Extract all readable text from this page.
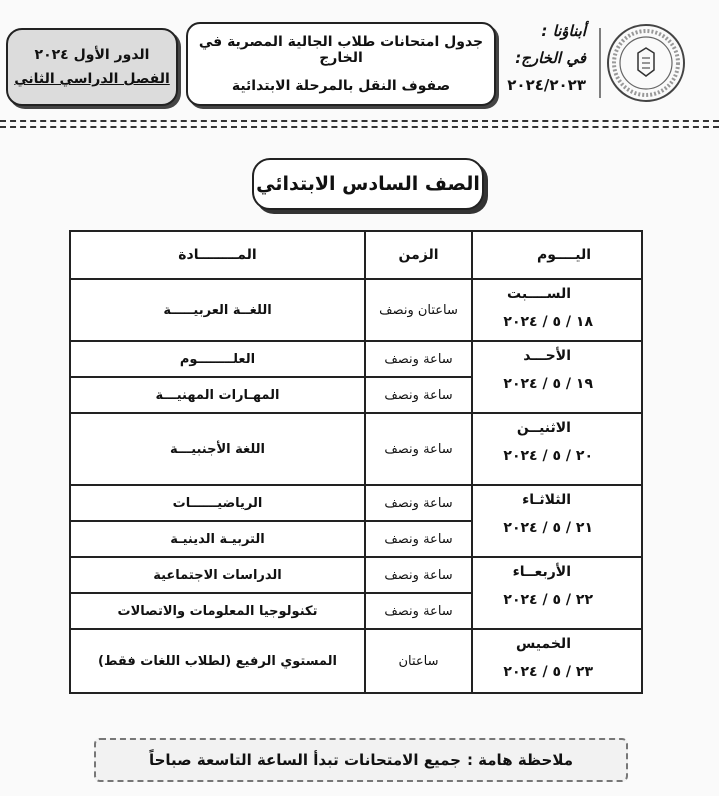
الدور الأول ٢٠٢٤
الفصل الدراسي الثاني
جدول امتحانات طلاب الجالية المصرية في الخارج
صفوف النقل بالمرحلة الابتدائية
أبناؤنا :
في الخارج:
٢٠٢٤/٢٠٢٣
الصف السادس الابتدائي
اليــــوم	الزمن	المــــــــادة

الســــبت
١٨ / ٥ / ٢٠٢٤	ساعتان ونصف	اللغــة العربيـــــة

الأحـــد
١٩ / ٥ / ٢٠٢٤	ساعة ونصف	العلــــــــوم
	ساعة ونصف	المهـارات المهنيـــة

الاثنيــن
٢٠ / ٥ / ٢٠٢٤	ساعة ونصف	اللغة الأجنبيـــة

الثلاثـاء
٢١ / ٥ / ٢٠٢٤	ساعة ونصف	الرياضيــــــات
	ساعة ونصف	التربيـة الدينيـة

الأربعــاء
٢٢ / ٥ / ٢٠٢٤	ساعة ونصف	الدراسات الاجتماعية
	ساعة ونصف	تكنولوجيا المعلومات والاتصالات

الخميس
٢٣ / ٥ / ٢٠٢٤	ساعتان	المستوي الرفيع (لطلاب اللغات فقط)
ملاحظة هامة :
جميع الامتحانات تبدأ الساعة التاسعة صباحاً
